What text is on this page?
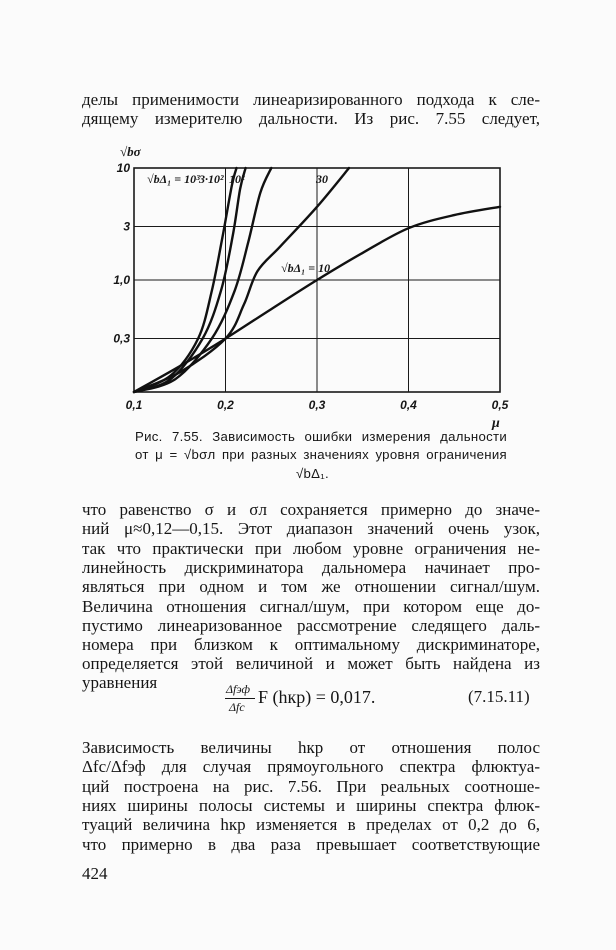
делы применимости линеаризированного подхода к сле-
дящему измерителю дальности. Из рис. 7.55 следует,
0,1	0,2	0,3	0,4	0,5
10
3
1,0
0,3
√bσ
μ
√bΔ₁ = 10³ 3·10² 10²	30
√bΔ₁ = 10
Рис. 7.55. Зависимость ошибки измерения дальности
от μ = √bσл при разных значениях уровня ограничения
√bΔ₁.
что равенство σ и σл сохраняется примерно до значе-
ний μ≈0,12—0,15. Этот диапазон значений очень узок,
так что практически при любом уровне ограничения не-
линейность дискриминатора дальномера начинает про-
являться при одном и том же отношении сигнал/шум.
Величина отношения сигнал/шум, при котором еще до-
пустимо линеаризованное рассмотрение следящего даль-
номера при близком к оптимальному дискриминаторе,
определяется этой величиной и может быть найдена из
уравнения	Δfэф
Δfс F (hкр) = 0,017.	(7.15.11)
Зависимость величины hкр от отношения полос
Δfс/Δfэф для случая прямоугольного спектра флюктуа-
ций построена на рис. 7.56. При реальных соотноше-
ниях ширины полосы системы и ширины спектра флюк-
туаций величина hкр изменяется в пределах от 0,2 до 6,
что примерно в два раза превышает соответствующие
424
